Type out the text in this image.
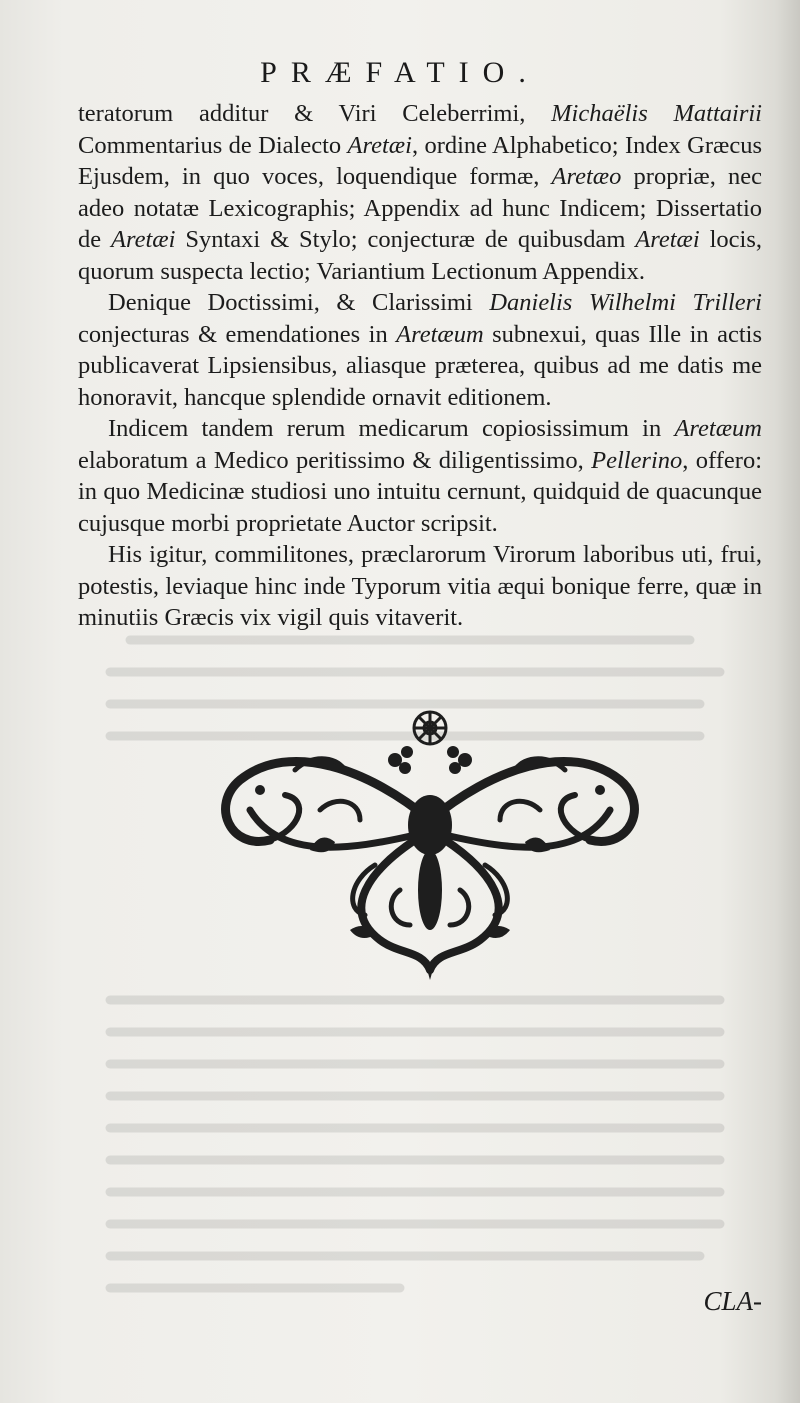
PRÆFATIO.

teratorum additur & Viri Celeberrimi, Michaëlis Mattairii Commentarius de Dialecto Aretæi, ordine Alphabetico; Index Græcus Ejusdem, in quo voces, loquendique formæ, Aretæo propriæ, nec adeo notatæ Lexicographis; Appendix ad hunc Indicem; Dissertatio de Aretæi Syntaxi & Stylo; conjecturæ de quibusdam Aretæi locis, quorum suspecta lectio; Variantium Lectionum Appendix.

Denique Doctissimi, & Clarissimi Danielis Wilhelmi Trilleri conjecturas & emendationes in Aretæum subnexui, quas Ille in actis publicaverat Lipsiensibus, aliasque præterea, quibus ad me datis me honoravit, hancque splendide ornavit editionem.

Indicem tandem rerum medicarum copiosissimum in Aretæum elaboratum a Medico peritissimo & diligentissimo, Pellerino, offero: in quo Medicinæ studiosi uno intuitu cernunt, quidquid de quacunque cujusque morbi proprietate Auctor scripsit.

His igitur, commilitones, præclarorum Virorum laboribus uti, frui, potestis, leviaque hinc inde Typorum vitia æqui bonique ferre, quæ in minutiis Græcis vix vigil quis vitaverit.

CLA-
